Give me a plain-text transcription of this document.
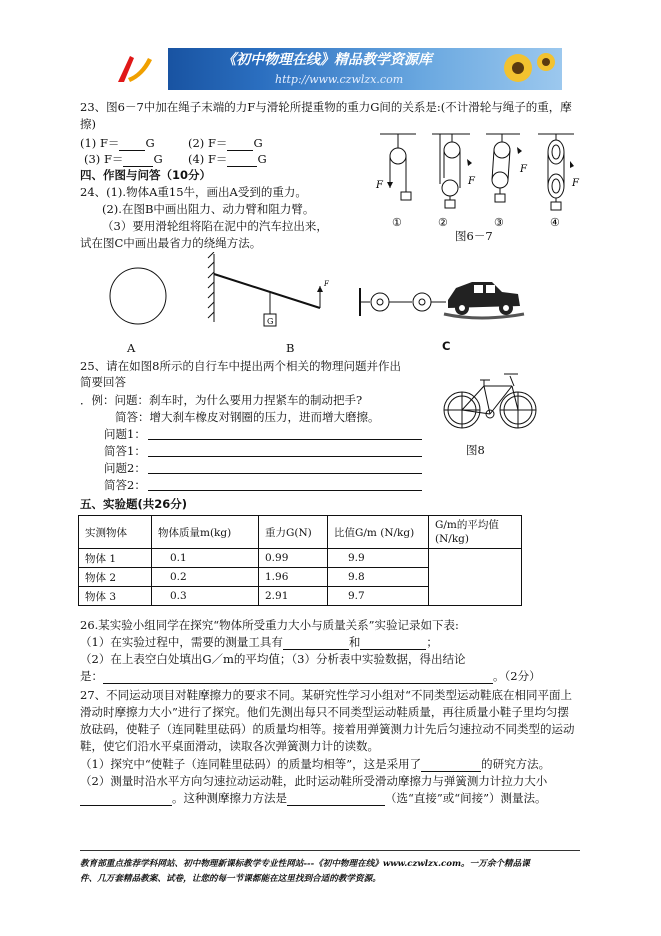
《初中物理在线》精品教学资源库
http://www.czwlzx.com
23、图6－7中加在绳子末端的力F与滑轮所提重物的重力G间的关系是:(不计滑轮与绳子的重，摩
擦)
(1) F＝ G	(2) F＝ G
(3) F＝	G (4) F＝	G
F	F
F
F
①	②	③	④
图6－7
四、作图与问答（10分）
24、(1).物体A重15牛，画出A受到的重力。
(2).在图B中画出阻力、动力臂和阻力臂。
（3）要用滑轮组将陷在泥中的汽车拉出来，
试在图C中画出最省力的绕绳方法。
F
G
A	B	C
25、请在如图8所示的自行车中提出两个相关的物理问题并作出
简要回答
．例：问题：刹车时，为什么要用力捏紧车的制动把手?
简答：增大刹车橡皮对钢圈的压力，进而增大磨擦。
问题1：
简答1：
问题2：
简答2：
图8
五、实验题(共26分)
实测物体	物体质量m(kg)	重力G(N)	比值G/m (N/kg)	G/m的平均值
(N/kg)
物体 1	0.1	0.99	9.9	
物体 2	0.2	1.96	9.8	
物体 3	0.3	2.91	9.7	
26.某实验小组同学在探究“物体所受重力大小与质量关系”实验记录如下表:
（1）在实验过程中，需要的测量工具有	和	；
（2）在上表空白处填出G／m的平均值；（3）分析表中实验数据，得出结论
是：	。（2分）
27、不同运动项目对鞋摩擦力的要求不同。某研究性学习小组对“不同类型运动鞋底在相同平面上
滑动时摩擦力大小”进行了探究。他们先测出每只不同类型运动鞋质量，再往质量小鞋子里均匀摆
放砝码，使鞋子（连同鞋里砝码）的质量均相等。接着用弹簧测力计先后匀速拉动不同类型的运动
鞋，使它们沿水平桌面滑动，读取各次弹簧测力计的读数。
（1）探究中“使鞋子（连同鞋里砝码）的质量均相等”，这是采用了	的研究方法。
（2）测量时沿水平方向匀速拉动运动鞋，此时运动鞋所受滑动摩擦力与弹簧测力计拉力大小
。这种测摩擦力方法是	（选“直接”或“间接”）测量法。
教育部重点推荐学科网站、初中物理新课标教学专业性网站---《初中物理在线》www.czwlzx.com。一万余个精品课
件、几万套精品教案、试卷，让您的每一节课都能在这里找到合适的教学资源。
